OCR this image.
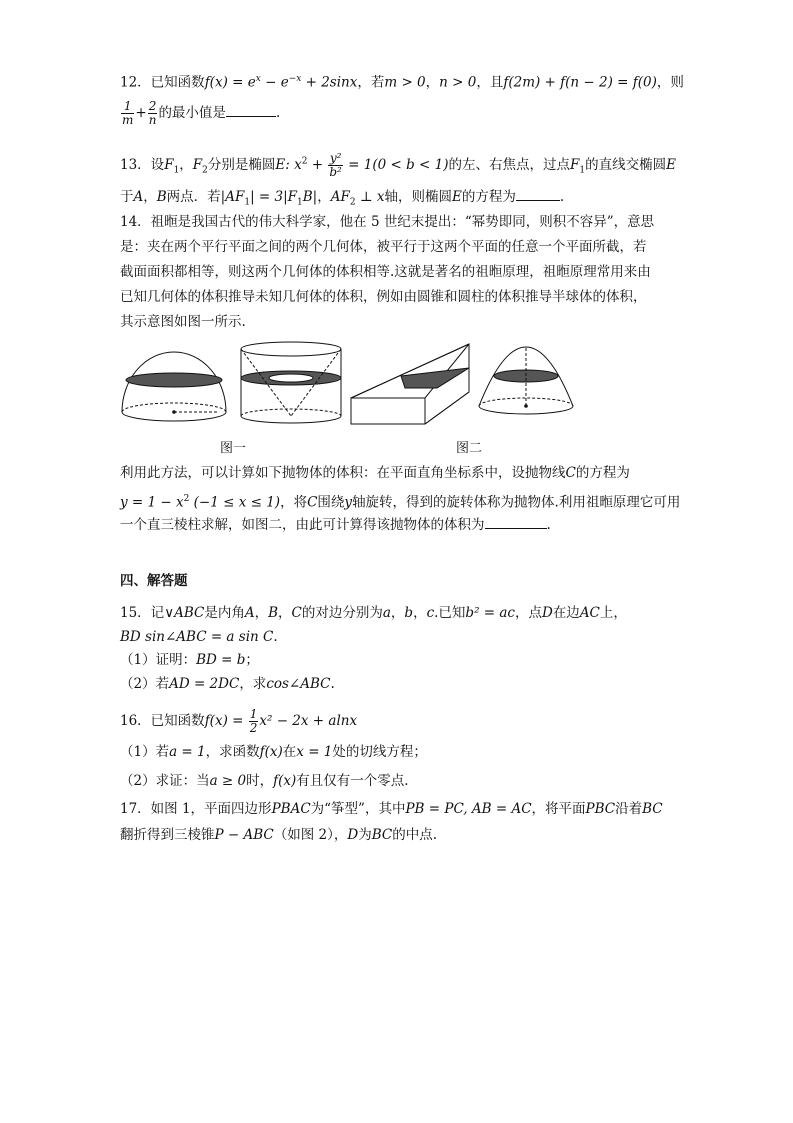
12．已知函数$f(x) = e^x - e^{-x} + 2\sin x$，若m > 0，n > 0，且f(2m) + f(n − 2) = f(0)，则
$\frac{1}{m} + \frac{2}{n}$ 的最小值是	.
13．设$F_1$，$F_2$分别是椭圆E: $x^2 + \frac{\text{y²}}{\text{b²}} = 1(0 < b < 1)$的左、右焦点，过点$F_1$的直线交椭圆E
于A，B两点．若$|AF_1| = 3|F_1B|$，$AF_2$ ⊥ x轴，则椭圆E的方程为	.
14．祖暅是我国古代的伟大科学家，他在 5 世纪末提出：“幂势即同，则积不容异”，意思
是：夹在两个平行平面之间的两个几何体，被平行于这两个平面的任意一个平面所截，若
截面面积都相等，则这两个几何体的体积相等.这就是著名的祖暅原理，祖暅原理常用来由
已知几何体的体积推导未知几何体的体积，例如由圆锥和圆柱的体积推导半球体的体积，
其示意图如图一所示.
图一	图二
利用此方法，可以计算如下抛物体的体积：在平面直角坐标系中，设抛物线C的方程为
$y = 1 - x^2$ (−1 ≤ x ≤ 1)，将C围绕y轴旋转，得到的旋转体称为抛物体.利用祖暅原理它可用
一个直三棱柱求解，如图二，由此可计算得该抛物体的体积为	.
四、解答题
15．记∨ABC是内角A，B，C的对边分别为a，b，c.已知b² = ac，点D在边AC上，
BD sin∠ABC = a sin C.
（1）证明：BD = b；
（2）若AD = 2DC，求cos∠ABC.
16．已知函数$f(x) = \frac{1}{2} x^2 - 2x + alnx$
（1）若a = 1，求函数f(x)在x = 1处的切线方程；
（2）求证：当a ≥ 0时，f(x)有且仅有一个零点.
17．如图 1，平面四边形PBAC为“筝型”，其中PB = PC, AB = AC，将平面PBC沿着BC
翻折得到三棱锥P − ABC（如图 2），D为BC的中点.
